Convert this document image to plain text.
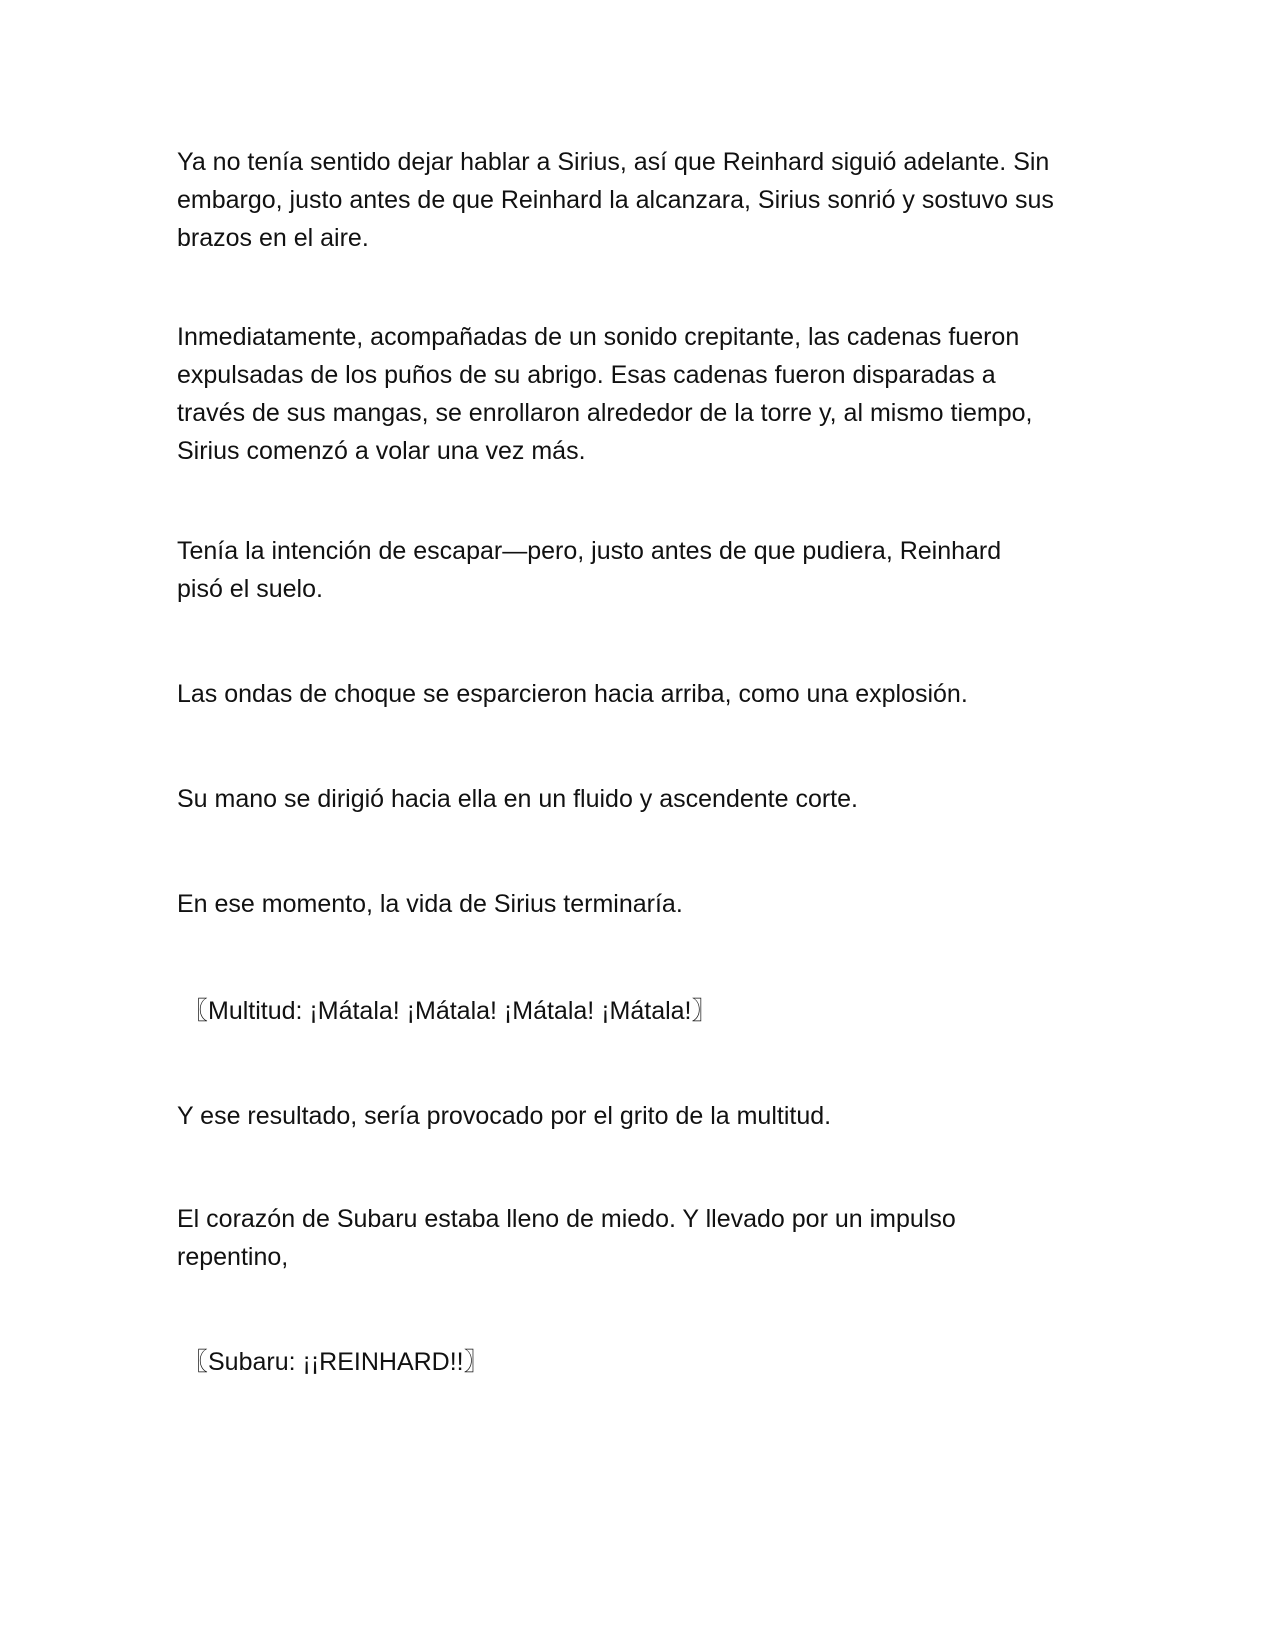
Ya no tenía sentido dejar hablar a Sirius, así que Reinhard siguió adelante. Sin
embargo, justo antes de que Reinhard la alcanzara, Sirius sonrió y sostuvo sus
brazos en el aire.

Inmediatamente, acompañadas de un sonido crepitante, las cadenas fueron
expulsadas de los puños de su abrigo. Esas cadenas fueron disparadas a
través de sus mangas, se enrollaron alrededor de la torre y, al mismo tiempo,
Sirius comenzó a volar una vez más.

Tenía la intención de escapar—pero, justo antes de que pudiera, Reinhard
pisó el suelo.

Las ondas de choque se esparcieron hacia arriba, como una explosión.

Su mano se dirigió hacia ella en un fluido y ascendente corte.

En ese momento, la vida de Sirius terminaría.

〖Multitud: ¡Mátala! ¡Mátala! ¡Mátala! ¡Mátala!〗

Y ese resultado, sería provocado por el grito de la multitud.

El corazón de Subaru estaba lleno de miedo. Y llevado por un impulso
repentino,

〖Subaru: ¡¡REINHARD!!〗
